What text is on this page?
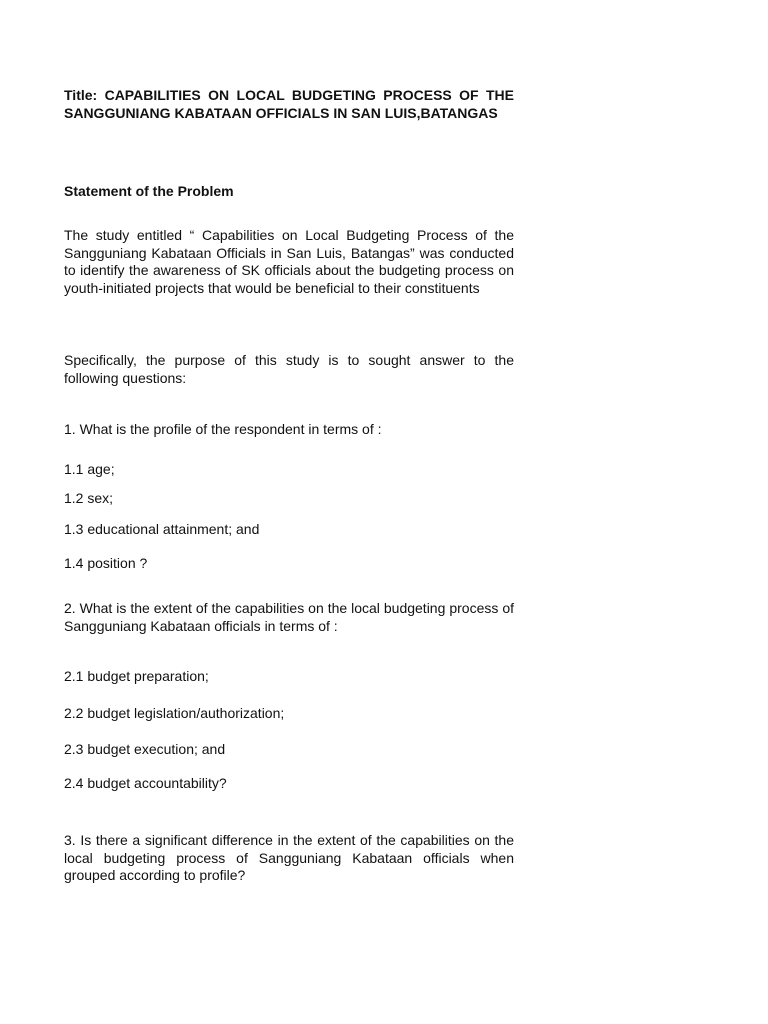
Title: CAPABILITIES ON LOCAL BUDGETING PROCESS OF THE SANGGUNIANG KABATAAN OFFICIALS IN SAN LUIS,BATANGAS

Statement of the Problem

The study entitled “ Capabilities on Local Budgeting Process of the Sangguniang Kabataan Officials in San Luis, Batangas” was conducted to identify the awareness of SK officials about the budgeting process on youth-initiated projects that would be beneficial to their constituents

Specifically, the purpose of this study is to sought answer to the following questions:

1. What is the profile of the respondent in terms of :

1.1 age;

1.2 sex;

1.3 educational attainment; and

1.4 position ?

2. What is the extent of the capabilities on the local budgeting process of Sangguniang Kabataan officials in terms of :

2.1 budget preparation;

2.2 budget legislation/authorization;

2.3 budget execution; and

2.4 budget accountability?

3. Is there a significant difference in the extent of the capabilities on the local budgeting process of Sangguniang Kabataan officials when grouped according to profile?
